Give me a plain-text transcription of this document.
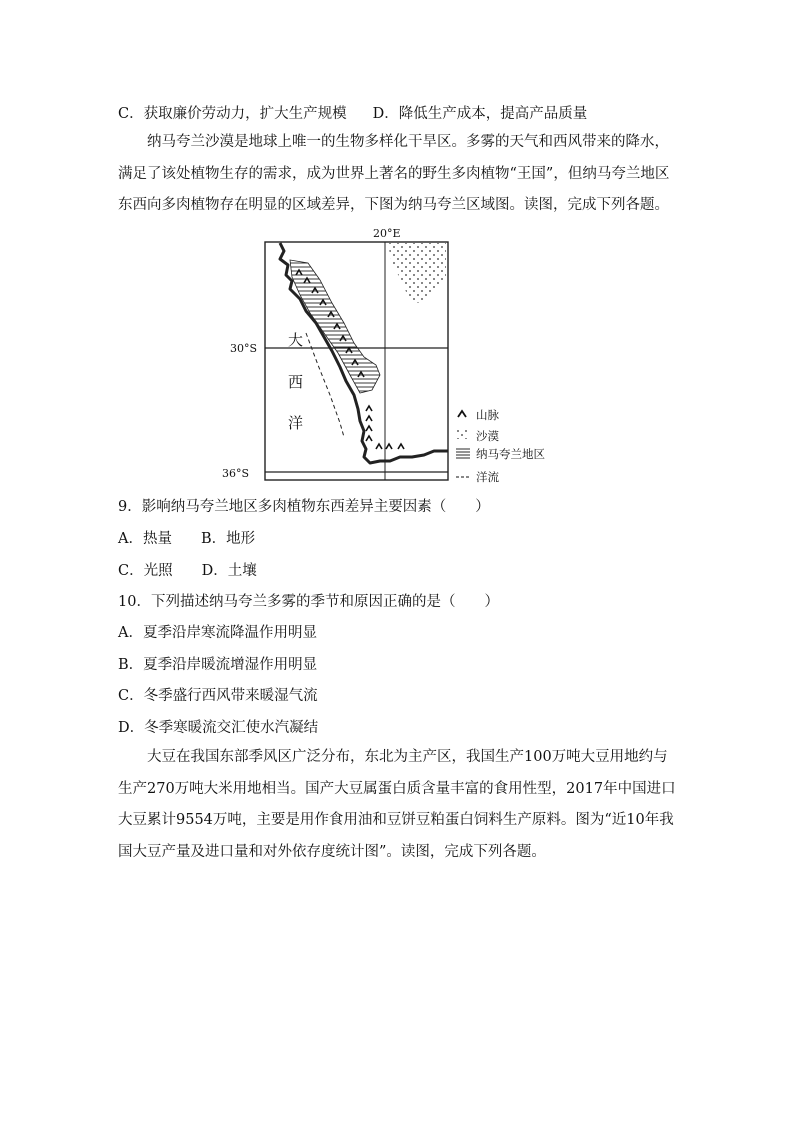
C．获取廉价劳动力，扩大生产规模 D．降低生产成本，提高产品质量
纳马夸兰沙漠是地球上唯一的生物多样化干旱区。多雾的天气和西风带来的降水，满足了该处植物生存的需求，成为世界上著名的野生多肉植物“王国”，但纳马夸兰地区东西向多肉植物存在明显的区域差异，下图为纳马夸兰区域图。读图，完成下列各题。
20°E
30°S
36°S
大
西
洋	山脉
沙漠
纳马夸兰地区
洋流
9．影响纳马夸兰地区多肉植物东西差异主要因素（　　）
A．热量　　B．地形
C．光照　　D．土壤
10．下列描述纳马夸兰多雾的季节和原因正确的是（　　）
A．夏季沿岸寒流降温作用明显
B．夏季沿岸暖流增湿作用明显
C．冬季盛行西风带来暖湿气流
D．冬季寒暖流交汇使水汽凝结
大豆在我国东部季风区广泛分布，东北为主产区，我国生产100万吨大豆用地约与生产270万吨大米用地相当。国产大豆属蛋白质含量丰富的食用性型，2017年中国进口大豆累计9554万吨，主要是用作食用油和豆饼豆粕蛋白饲料生产原料。图为“近10年我国大豆产量及进口量和对外依存度统计图”。读图，完成下列各题。
